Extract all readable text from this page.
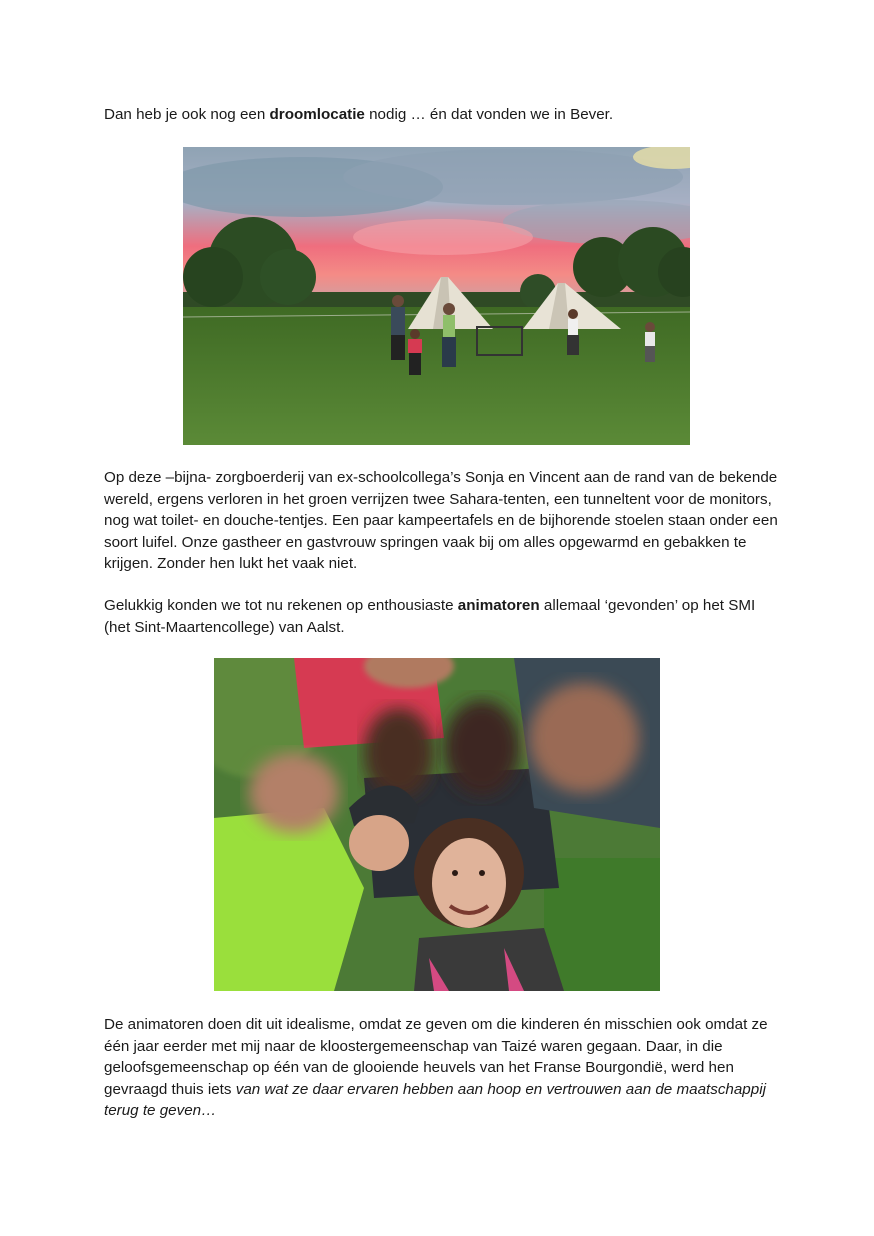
Dan heb je ook nog een droomlocatie nodig … én dat vonden we in Bever.

Op deze –bijna- zorgboerderij van ex-schoolcollega’s Sonja en Vincent aan de rand van de bekende wereld, ergens verloren in het groen verrijzen twee Sahara-tenten, een tunneltent voor de monitors, nog wat toilet- en douche-tentjes. Een paar kampeertafels en de bijhorende stoelen staan onder een soort luifel. Onze gastheer en gastvrouw springen vaak bij om alles opgewarmd en gebakken te krijgen. Zonder hen lukt het vaak niet.

Gelukkig konden we tot nu rekenen op enthousiaste animatoren allemaal ‘gevonden’ op het SMI (het Sint-Maartencollege) van Aalst.

De animatoren doen dit uit idealisme, omdat ze geven om die kinderen én misschien ook omdat ze één jaar eerder met mij naar de kloostergemeenschap van Taizé waren gegaan. Daar, in die geloofsgemeenschap op één van de glooiende heuvels van het Franse Bourgondië, werd hen gevraagd thuis iets van wat ze daar ervaren hebben aan hoop en vertrouwen aan de maatschappij terug te geven…
